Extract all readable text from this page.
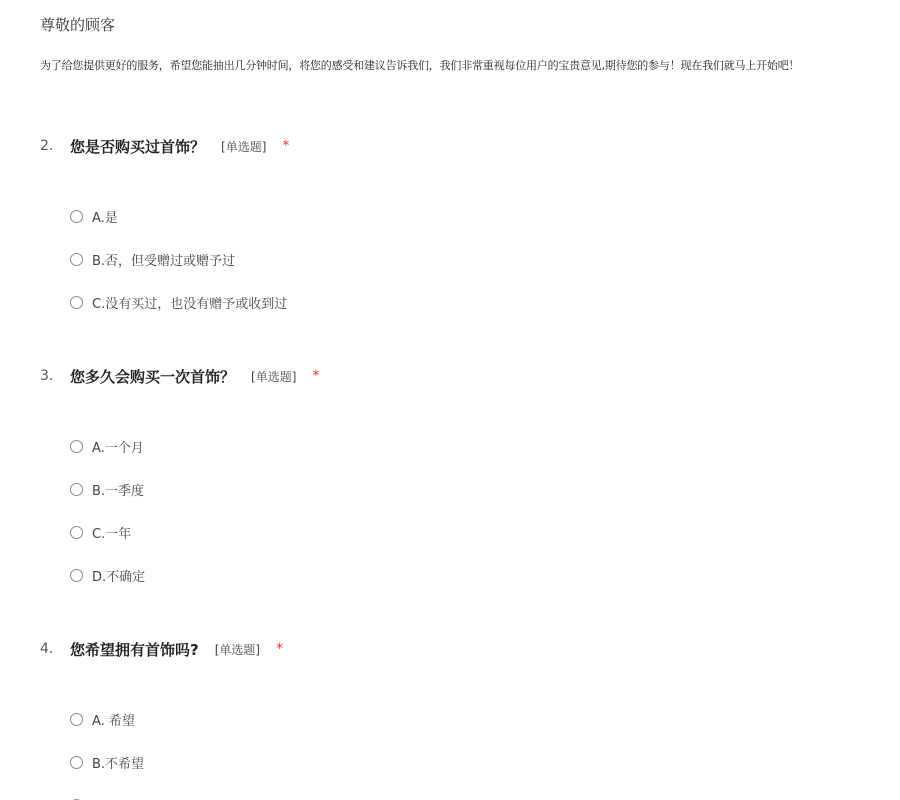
尊敬的顾客
为了给您提供更好的服务，希望您能抽出几分钟时间，将您的感受和建议告诉我们，我们非常重视每位用户的宝贵意见,期待您的参与！现在我们就马上开始吧！
2.	您是否购买过首饰？ [单选题] *
A.是
B.否，但受赠过或赠予过
C.没有买过，也没有赠予或收到过
3.	您多久会购买一次首饰？ [单选题] *
A.一个月
B.一季度
C.一年
D.不确定
4.	您希望拥有首饰吗? [单选题] *
A. 希望
B.不希望
